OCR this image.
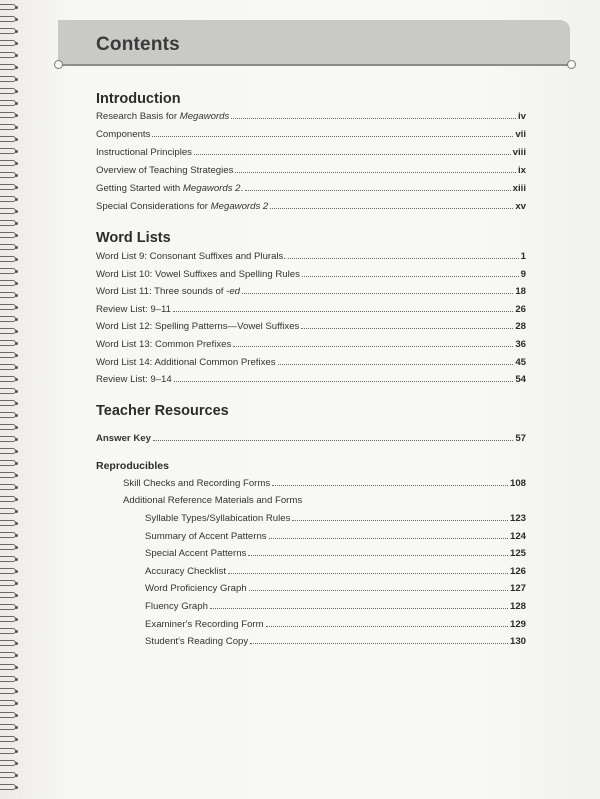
Contents
Introduction
Research Basis for Megawords	iv
Components	vii
Instructional Principles	viii
Overview of Teaching Strategies	ix
Getting Started with Megawords 2.	xiii
Special Considerations for Megawords 2	xv
Word Lists
Word List 9: Consonant Suffixes and Plurals.	1
Word List 10: Vowel Suffixes and Spelling Rules	9
Word List 11: Three sounds of -ed	18
Review List: 9–11	26
Word List 12: Spelling Patterns—Vowel Suffixes	28
Word List 13: Common Prefixes	36
Word List 14: Additional Common Prefixes	45
Review List: 9–14	54
Teacher Resources
Answer Key	57
Reproducibles
Skill Checks and Recording Forms	108
Additional Reference Materials and Forms
Syllable Types/Syllabication Rules	123
Summary of Accent Patterns	124
Special Accent Patterns	125
Accuracy Checklist	126
Word Proficiency Graph	127
Fluency Graph	128
Examiner's Recording Form	129
Student's Reading Copy	130
